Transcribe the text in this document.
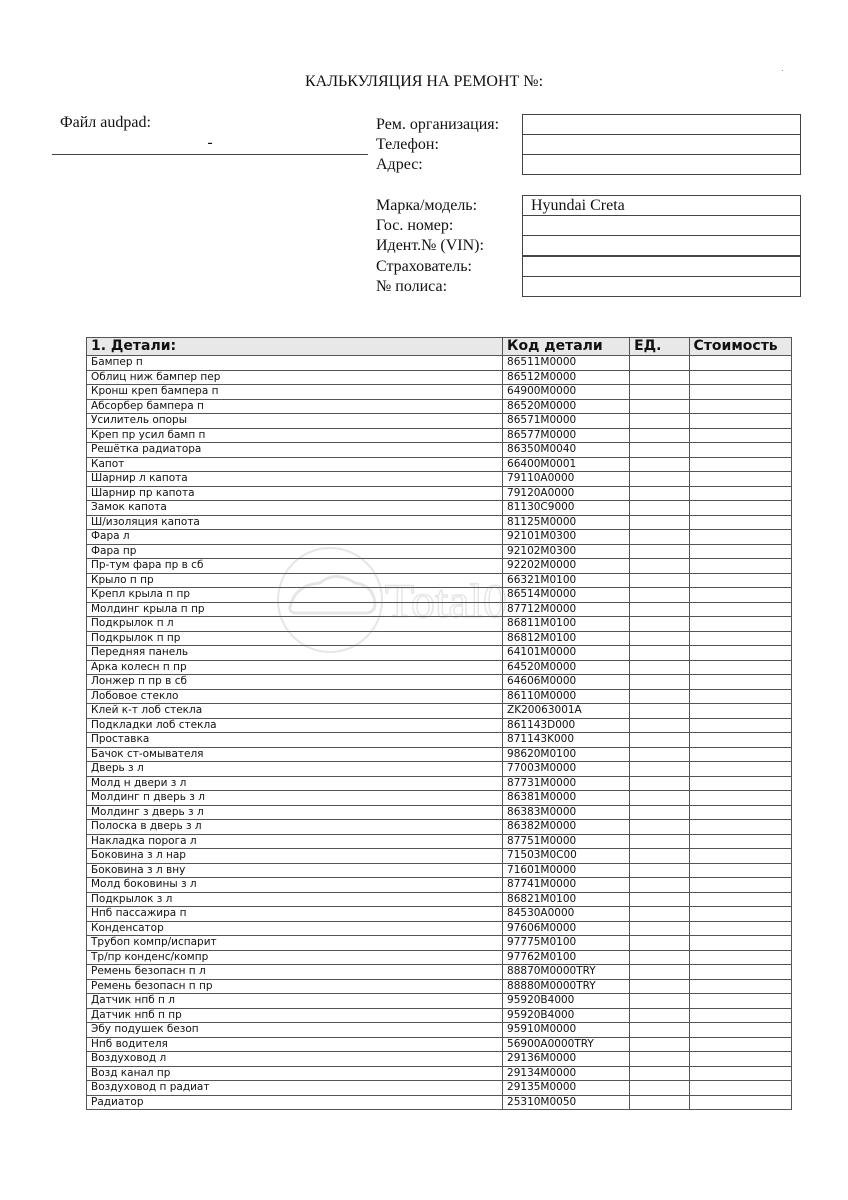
КАЛЬКУЛЯЦИЯ НА РЕМОНТ №:
Файл audpad:
-
Рем. организация:
Телефон:
Адрес:
Марка/модель:	Hyundai Creta
Гос. номер:
Идент.№ (VIN):
Страхователь:
№ полиса:
1. Детали:	Код детали	ЕД.	Стоимость
Бампер п	86511M0000		
Облиц ниж бампер пер	86512M0000		
Кронш креп бампера п	64900M0000		
Абсорбер бампера п	86520M0000		
Усилитель опоры	86571M0000		
Креп пр усил бамп п	86577M0000		
Решётка радиатора	86350M0040		
Капот	66400M0001		
Шарнир л капота	79110A0000		
Шарнир пр капота	79120A0000		
Замок капота	81130C9000		
Ш/изоляция капота	81125M0000		
Фара л	92101M0300		
Фара пр	92102M0300		
Пр-тум фара пр в сб	92202M0000		
Крыло п пр	66321M0100		
Крепл крыла п пр	86514M0000		
Молдинг крыла п пр	87712M0000		
Подкрылок п л	86811M0100		
Подкрылок п пр	86812M0100		
Передняя панель	64101M0000		
Арка колесн п пр	64520M0000		
Лонжер п пр в сб	64606M0000		
Лобовое стекло	86110M0000		
Клей к-т лоб стекла	ZK20063001A		
Подкладки лоб стекла	861143D000		
Проставка	871143K000		
Бачок ст-омывателя	98620M0100		
Дверь з л	77003M0000		
Молд н двери з л	87731M0000		
Молдинг п дверь з л	86381M0000		
Молдинг з дверь з л	86383M0000		
Полоска в дверь з л	86382M0000		
Накладка порога л	87751M0000		
Боковина з л нар	71503M0C00		
Боковина з л вну	71601M0000		
Молд боковины з л	87741M0000		
Подкрылок з л	86821M0100		
Нпб пассажира п	84530A0000		
Конденсатор	97606M0000		
Трубоп компр/испарит	97775M0100		
Тр/пр конденс/компр	97762M0100		
Ремень безопасн п л	88870M0000TRY		
Ремень безопасн п пр	88880M0000TRY		
Датчик нпб п л	95920B4000		
Датчик нпб п пр	95920B4000		
Эбу подушек безоп	95910M0000		
Нпб водителя	56900A0000TRY		
Воздуховод л	29136M0000		
Возд канал пр	29134M0000		
Воздуховод п радиат	29135M0000		
Радиатор	25310M0050		
Total0
